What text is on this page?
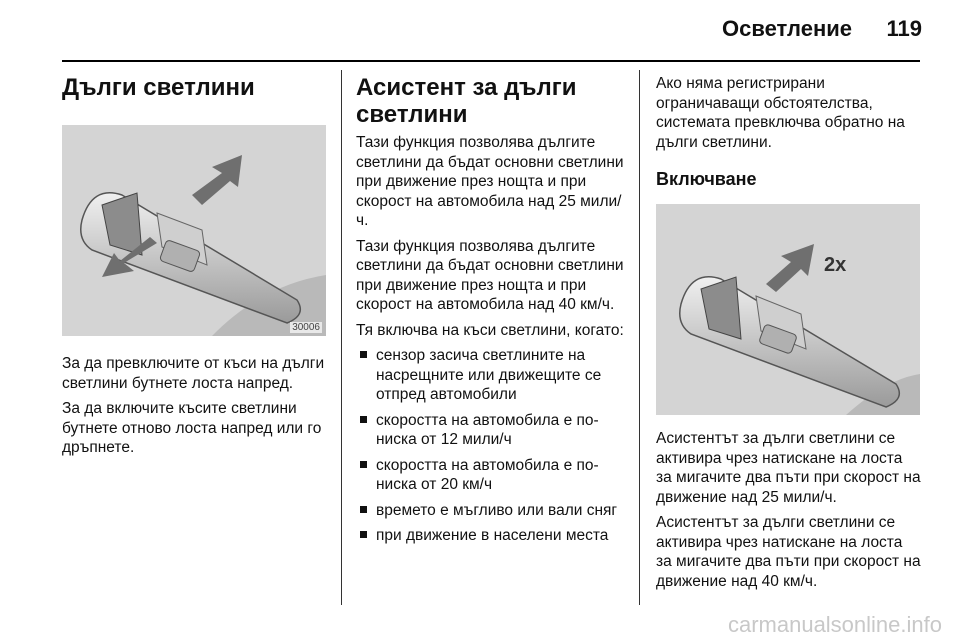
Осветление 119
Дълги светлини
30006

За да превключите от къси на дълги светлини бутнете лоста напред.

За да включите късите светлини бутнете отново лоста напред или го дръпнете.

Асистент за дълги светлини

Тази функция позволява дългите светлини да бъдат основни светлини при движение през нощта и при скорост на автомобила над 25 мили/ч.

Тази функция позволява дългите светлини да бъдат основни светлини при движение през нощта и при скорост на автомобила над 40 км/ч.

Тя включва на къси светлини, когато:

сензор засича светлините на насрещните или движещите се отпред автомобили
скоростта на автомобила е по-ниска от 12 мили/ч
скоростта на автомобила е по-ниска от 20 км/ч
времето е мъгливо или вали сняг
при движение в населени места

Ако няма регистрирани ограничаващи обстоятелства, системата превключва обратно на дълги светлини.

Включване
2x

Асистентът за дълги светлини се активира чрез натискане на лоста за мигачите два пъти при скорост на движение над 25 мили/ч.

Асистентът за дълги светлини се активира чрез натискане на лоста за мигачите два пъти при скорост на движение над 40 км/ч.

carmanualsonline.info
